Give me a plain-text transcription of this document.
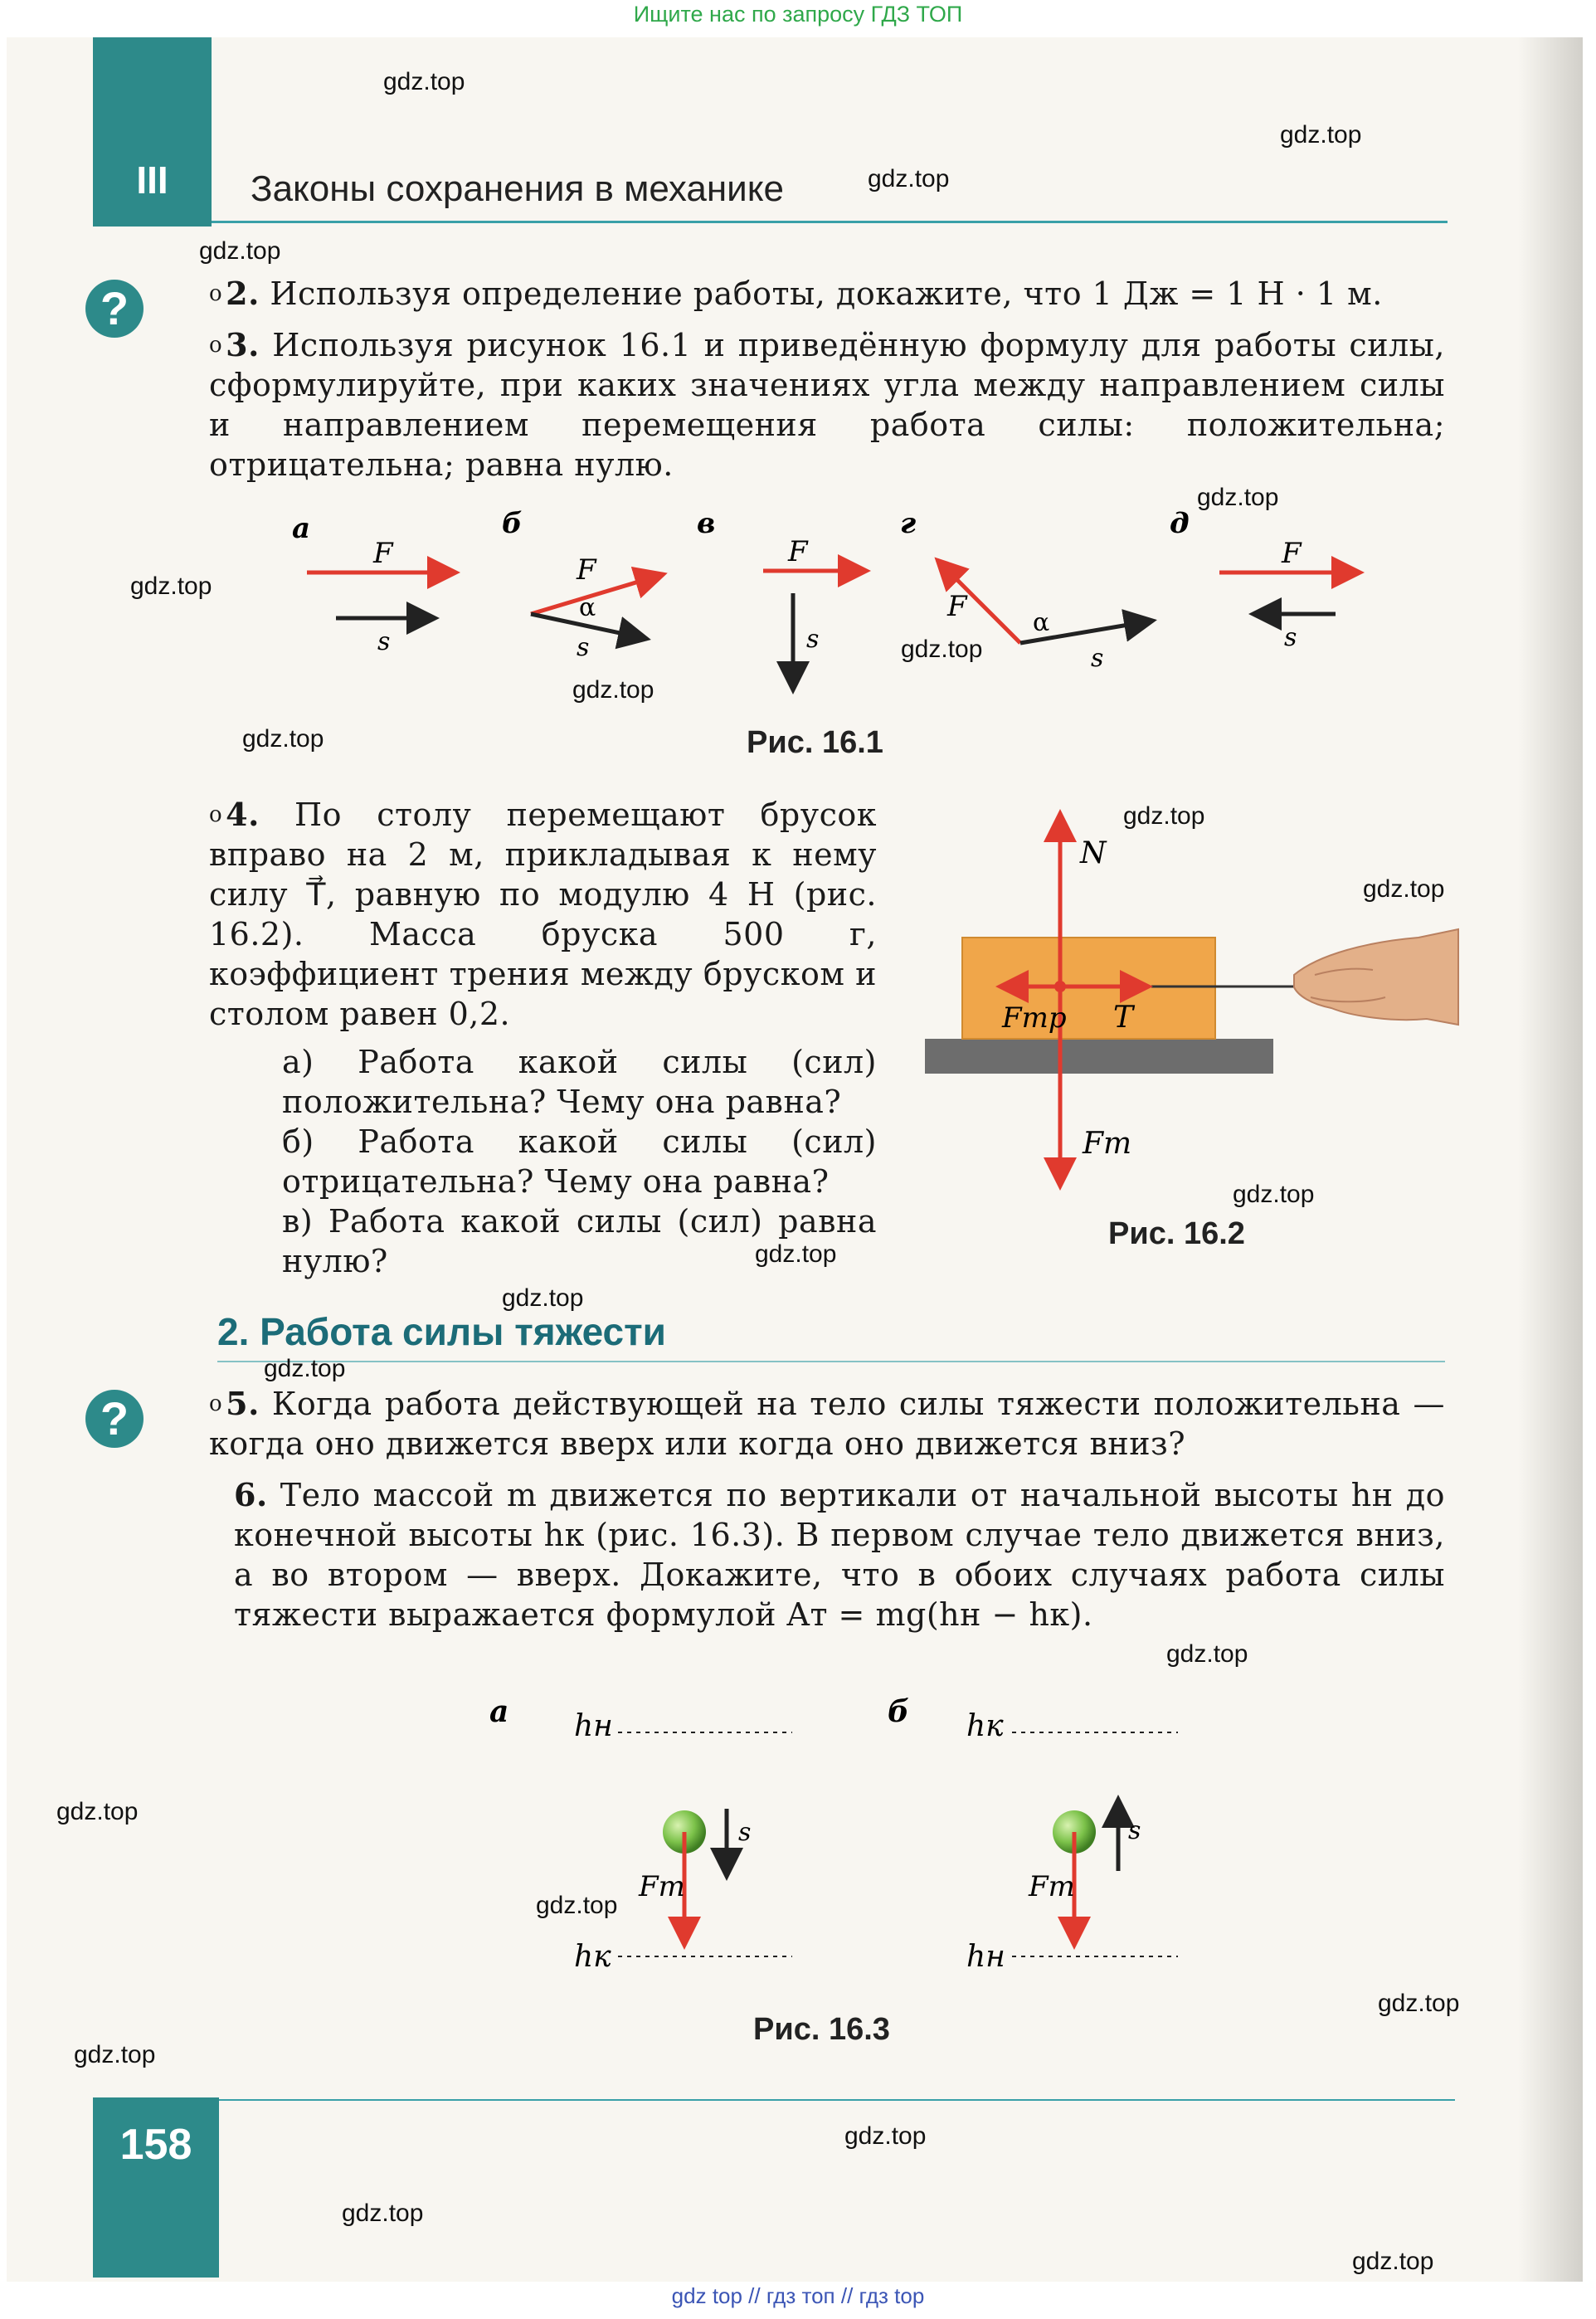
Ищите нас по запросу ГДЗ ТОП
III	Законы сохранения в механике
?	$^о$ 2. Используя определение работы, докажите, что 1 Дж = 1 Н · 1 м.
$^о$ 3. Используя рисунок 16.1 и приведённую формулу для работы силы, сформулируйте, при каких значениях угла между направлением силы и направлением перемещения работа силы: положительна; отрицательна; равна нулю.
а
F
s
б
F
s
α
в
F
s
г
F
s
α
д
F
s
Рис. 16.1
$^о$ 4. По столу перемещают брусок вправо на 2 м, прикладывая к нему силу T⃗, равную по модулю 4 Н (рис. 16.2). Масса бруска 500 г, коэффициент трения между бруском и столом равен 0,2.
а) Работа какой силы (сил) положительна? Чему она равна?
б) Работа какой силы (сил) отрицательна? Чему она равна?
в) Работа какой силы (сил) равна нулю?
N
Fтр T
Fт
Рис. 16.2
2. Работа силы тяжести
?	$^о$ 5. Когда работа действующей на тело силы тяжести положительна — когда оно движется вверх или когда оно движется вниз?
6. Тело массой m движется по вертикали от начальной высоты hн до конечной высоты hк (рис. 16.3). В первом случае тело движется вниз, а во втором — вверх. Докажите, что в обоих случаях работа силы тяжести выражается формулой Aт = mg(hн − hк).
а hн
s
Fт
hк
б hк
s
Fт
hн
Рис. 16.3
158
gdz.top
gdz.top
gdz.top
gdz.top
gdz.top
gdz.top
gdz.top
gdz.top
gdz.top
gdz.top
gdz.top
gdz.top
gdz.top
gdz.top
gdz.top
gdz.top
gdz.top
gdz.top
gdz.top
gdz.top
gdz.top
gdz.top
gdz.top
gdz top // гдз топ // гдз top
